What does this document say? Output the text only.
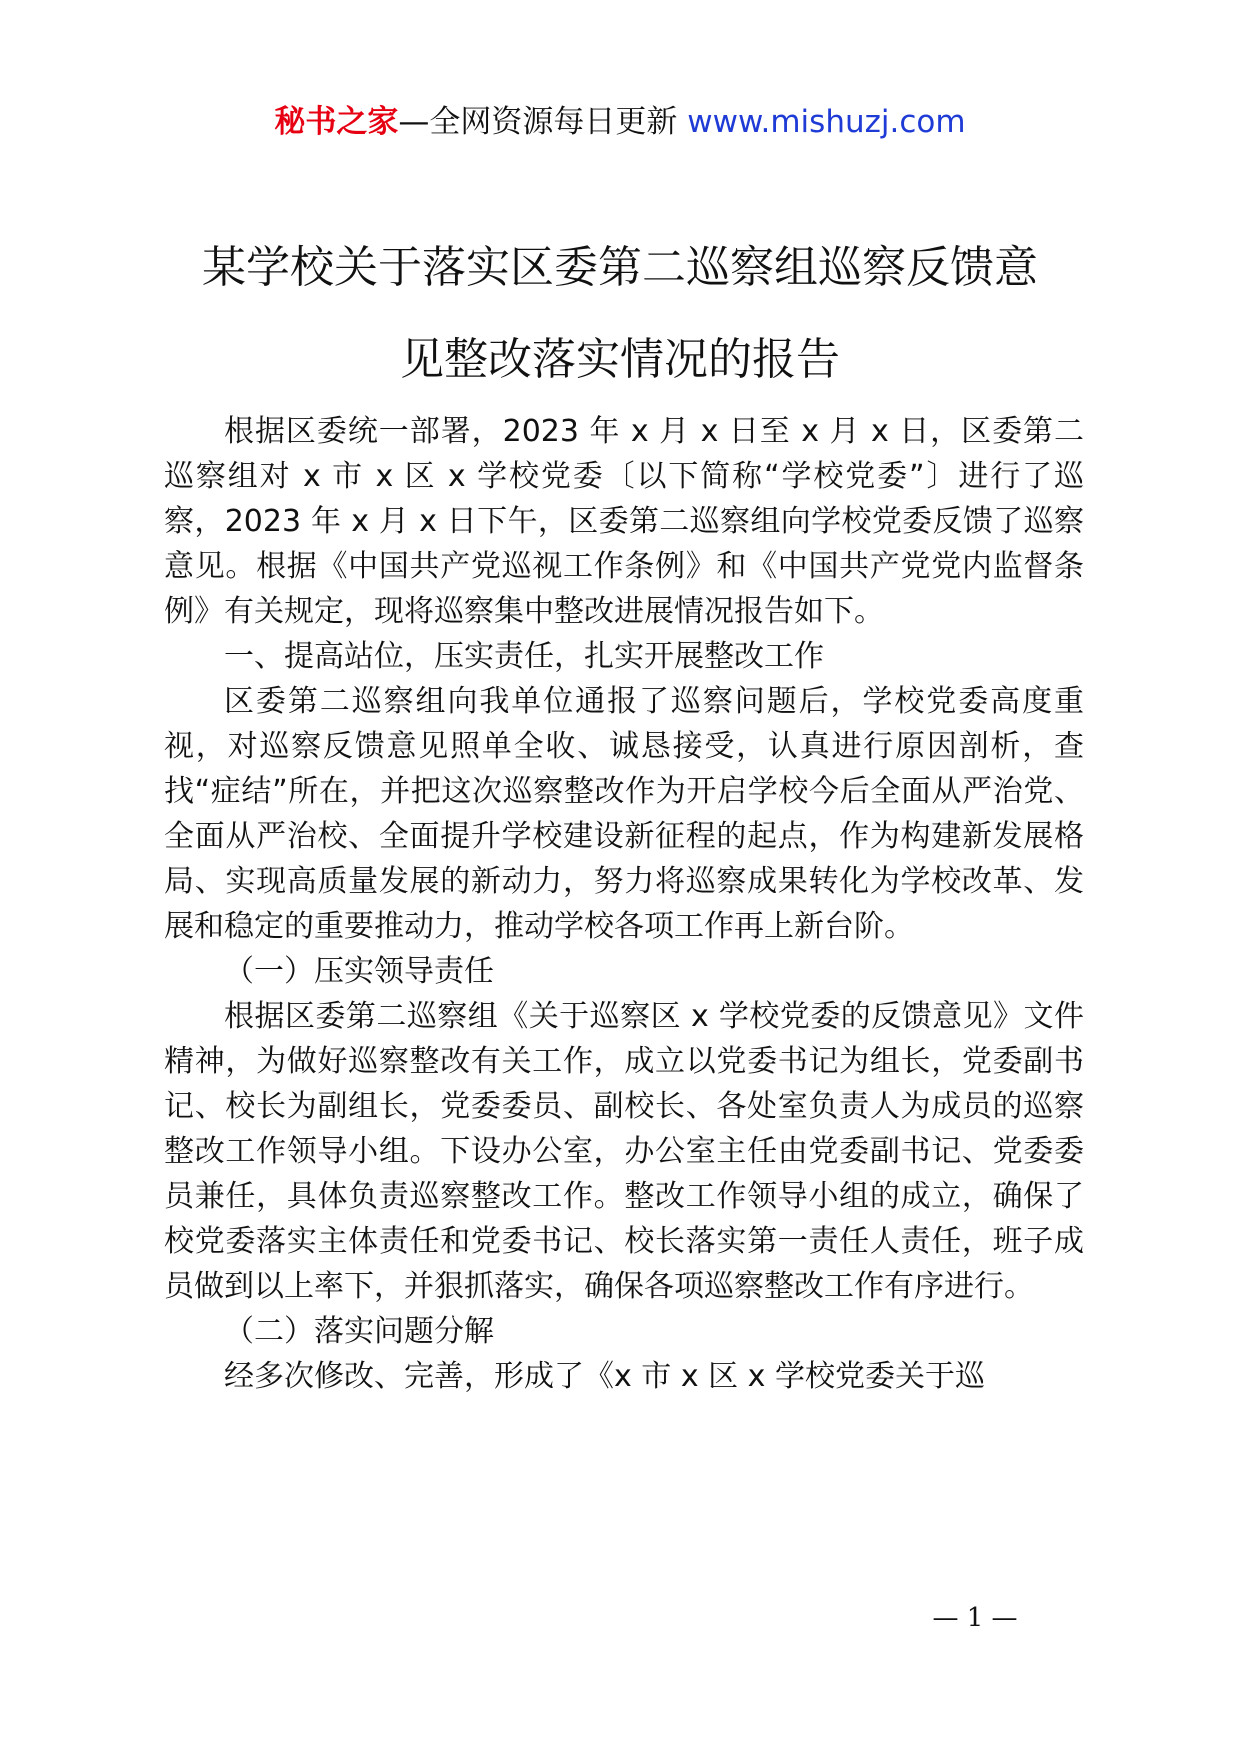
秘书之家—全网资源每日更新 www.mishuzj.com
某学校关于落实区委第二巡察组巡察反馈意
见整改落实情况的报告

根据区委统一部署，2023 年 x 月 x 日至 x 月 x 日，区委第二巡察组对 x 市 x 区 x 学校党委〔以下简称“学校党委”〕进行了巡察，2023 年 x 月 x 日下午，区委第二巡察组向学校党委反馈了巡察意见。根据《中国共产党巡视工作条例》和《中国共产党党内监督条例》有关规定，现将巡察集中整改进展情况报告如下。

一、提高站位，压实责任，扎实开展整改工作

区委第二巡察组向我单位通报了巡察问题后，学校党委高度重视，对巡察反馈意见照单全收、诚恳接受，认真进行原因剖析，查找“症结”所在，并把这次巡察整改作为开启学校今后全面从严治党、全面从严治校、全面提升学校建设新征程的起点，作为构建新发展格局、实现高质量发展的新动力，努力将巡察成果转化为学校改革、发展和稳定的重要推动力，推动学校各项工作再上新台阶。

（一）压实领导责任

根据区委第二巡察组《关于巡察区 x 学校党委的反馈意见》文件精神，为做好巡察整改有关工作，成立以党委书记为组长，党委副书记、校长为副组长，党委委员、副校长、各处室负责人为成员的巡察整改工作领导小组。下设办公室，办公室主任由党委副书记、党委委员兼任，具体负责巡察整改工作。整改工作领导小组的成立，确保了校党委落实主体责任和党委书记、校长落实第一责任人责任，班子成员做到以上率下，并狠抓落实，确保各项巡察整改工作有序进行。

（二）落实问题分解

经多次修改、完善，形成了《x 市 x 区 x 学校党委关于巡

— 1 —
